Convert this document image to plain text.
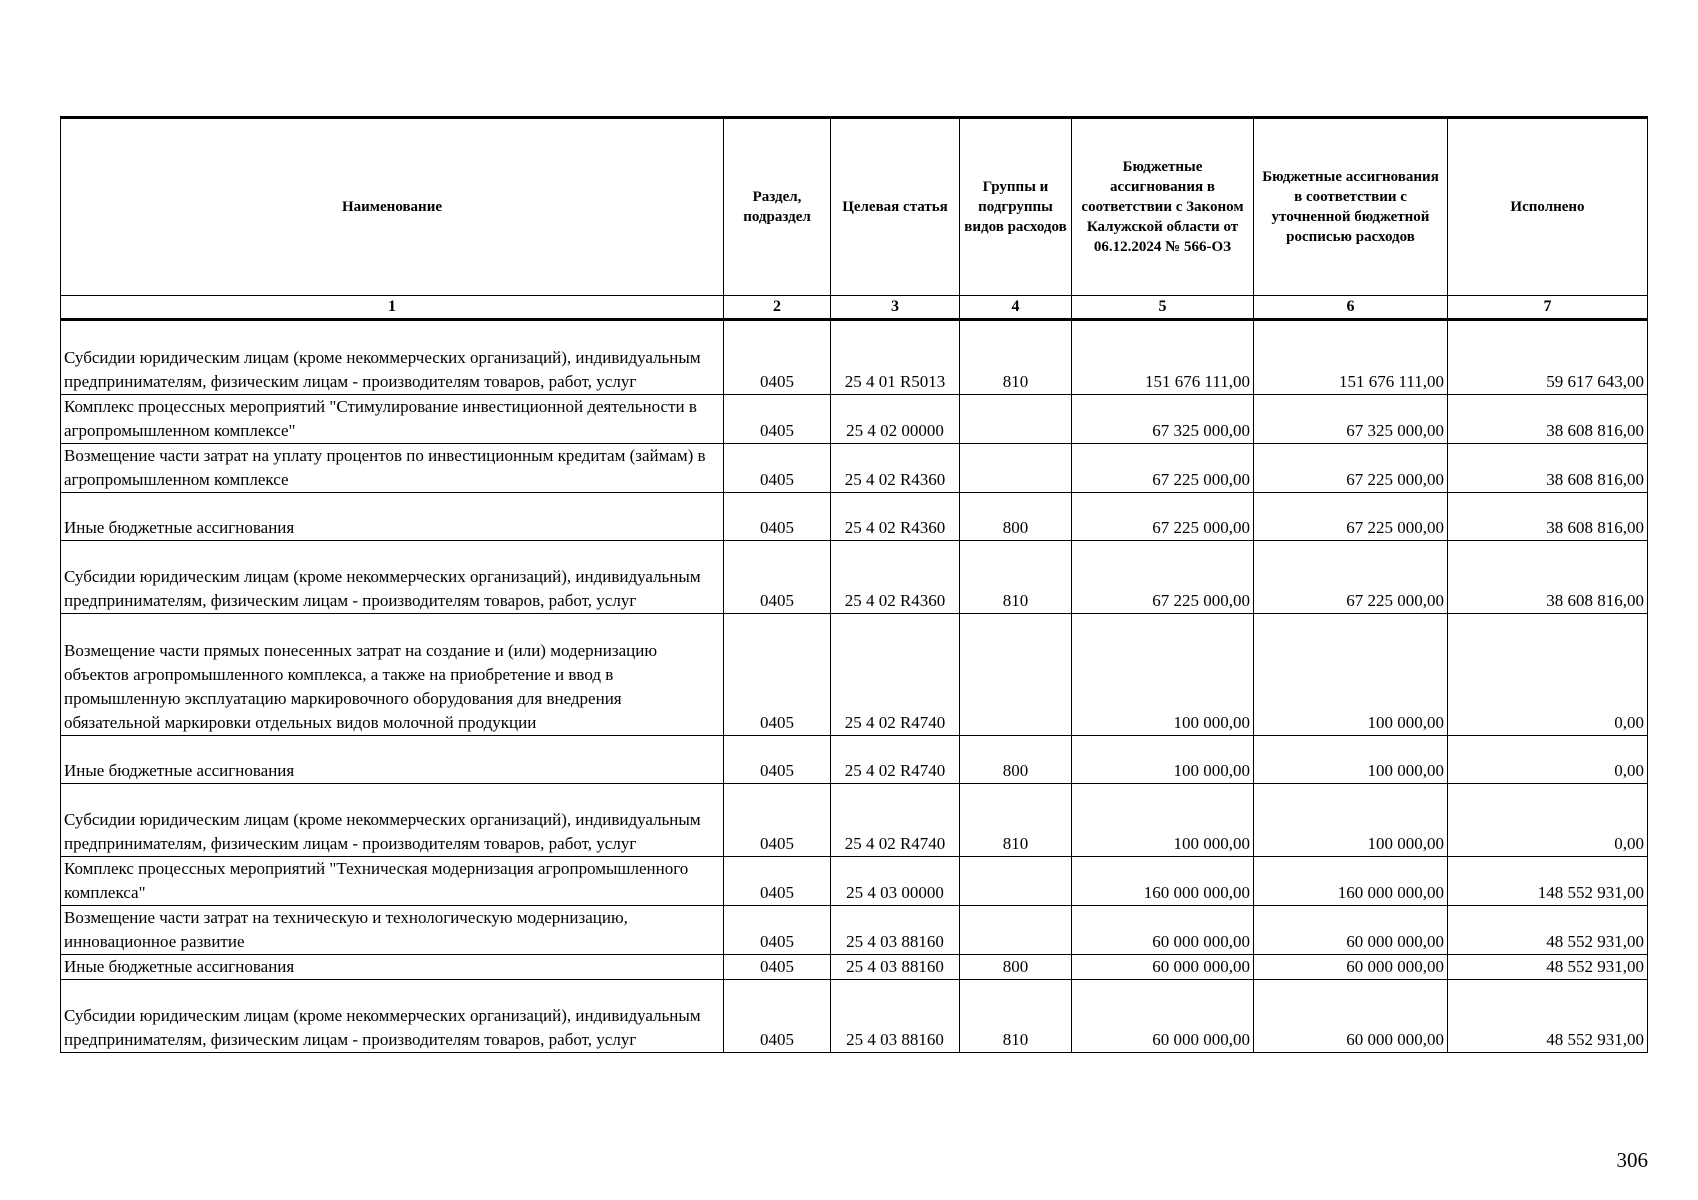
Наименование	Раздел, подраздел	Целевая статья	Группы и подгруппы видов расходов	Бюджетные ассигнования в соответствии с Законом Калужской области от 06.12.2024 № 566-ОЗ	Бюджетные ассигнования в соответствии с уточненной бюджетной росписью расходов	Исполнено
1	2	3	4	5	6	7
Субсидии юридическим лицам (кроме некоммерческих организаций), индивидуальным предпринимателям, физическим лицам - производителям товаров, работ, услуг	0405	25 4 01 R5013	810	151 676 111,00	151 676 111,00	59 617 643,00
Комплекс процессных мероприятий "Стимулирование инвестиционной деятельности в агропромышленном комплексе"	0405	25 4 02 00000		67 325 000,00	67 325 000,00	38 608 816,00
Возмещение части затрат на уплату процентов по инвестиционным кредитам (займам) в агропромышленном комплексе	0405	25 4 02 R4360		67 225 000,00	67 225 000,00	38 608 816,00
Иные бюджетные ассигнования	0405	25 4 02 R4360	800	67 225 000,00	67 225 000,00	38 608 816,00
Субсидии юридическим лицам (кроме некоммерческих организаций), индивидуальным предпринимателям, физическим лицам - производителям товаров, работ, услуг	0405	25 4 02 R4360	810	67 225 000,00	67 225 000,00	38 608 816,00
Возмещение части прямых понесенных затрат на создание и (или) модернизацию объектов агропромышленного комплекса, а также на приобретение и ввод в промышленную эксплуатацию маркировочного оборудования для внедрения обязательной маркировки отдельных видов молочной продукции	0405	25 4 02 R4740		100 000,00	100 000,00	0,00
Иные бюджетные ассигнования	0405	25 4 02 R4740	800	100 000,00	100 000,00	0,00
Субсидии юридическим лицам (кроме некоммерческих организаций), индивидуальным предпринимателям, физическим лицам - производителям товаров, работ, услуг	0405	25 4 02 R4740	810	100 000,00	100 000,00	0,00
Комплекс процессных мероприятий "Техническая модернизация агропромышленного комплекса"	0405	25 4 03 00000		160 000 000,00	160 000 000,00	148 552 931,00
Возмещение части затрат на техническую и технологическую модернизацию, инновационное развитие	0405	25 4 03 88160		60 000 000,00	60 000 000,00	48 552 931,00
Иные бюджетные ассигнования	0405	25 4 03 88160	800	60 000 000,00	60 000 000,00	48 552 931,00
Субсидии юридическим лицам (кроме некоммерческих организаций), индивидуальным предпринимателям, физическим лицам - производителям товаров, работ, услуг	0405	25 4 03 88160	810	60 000 000,00	60 000 000,00	48 552 931,00
306
